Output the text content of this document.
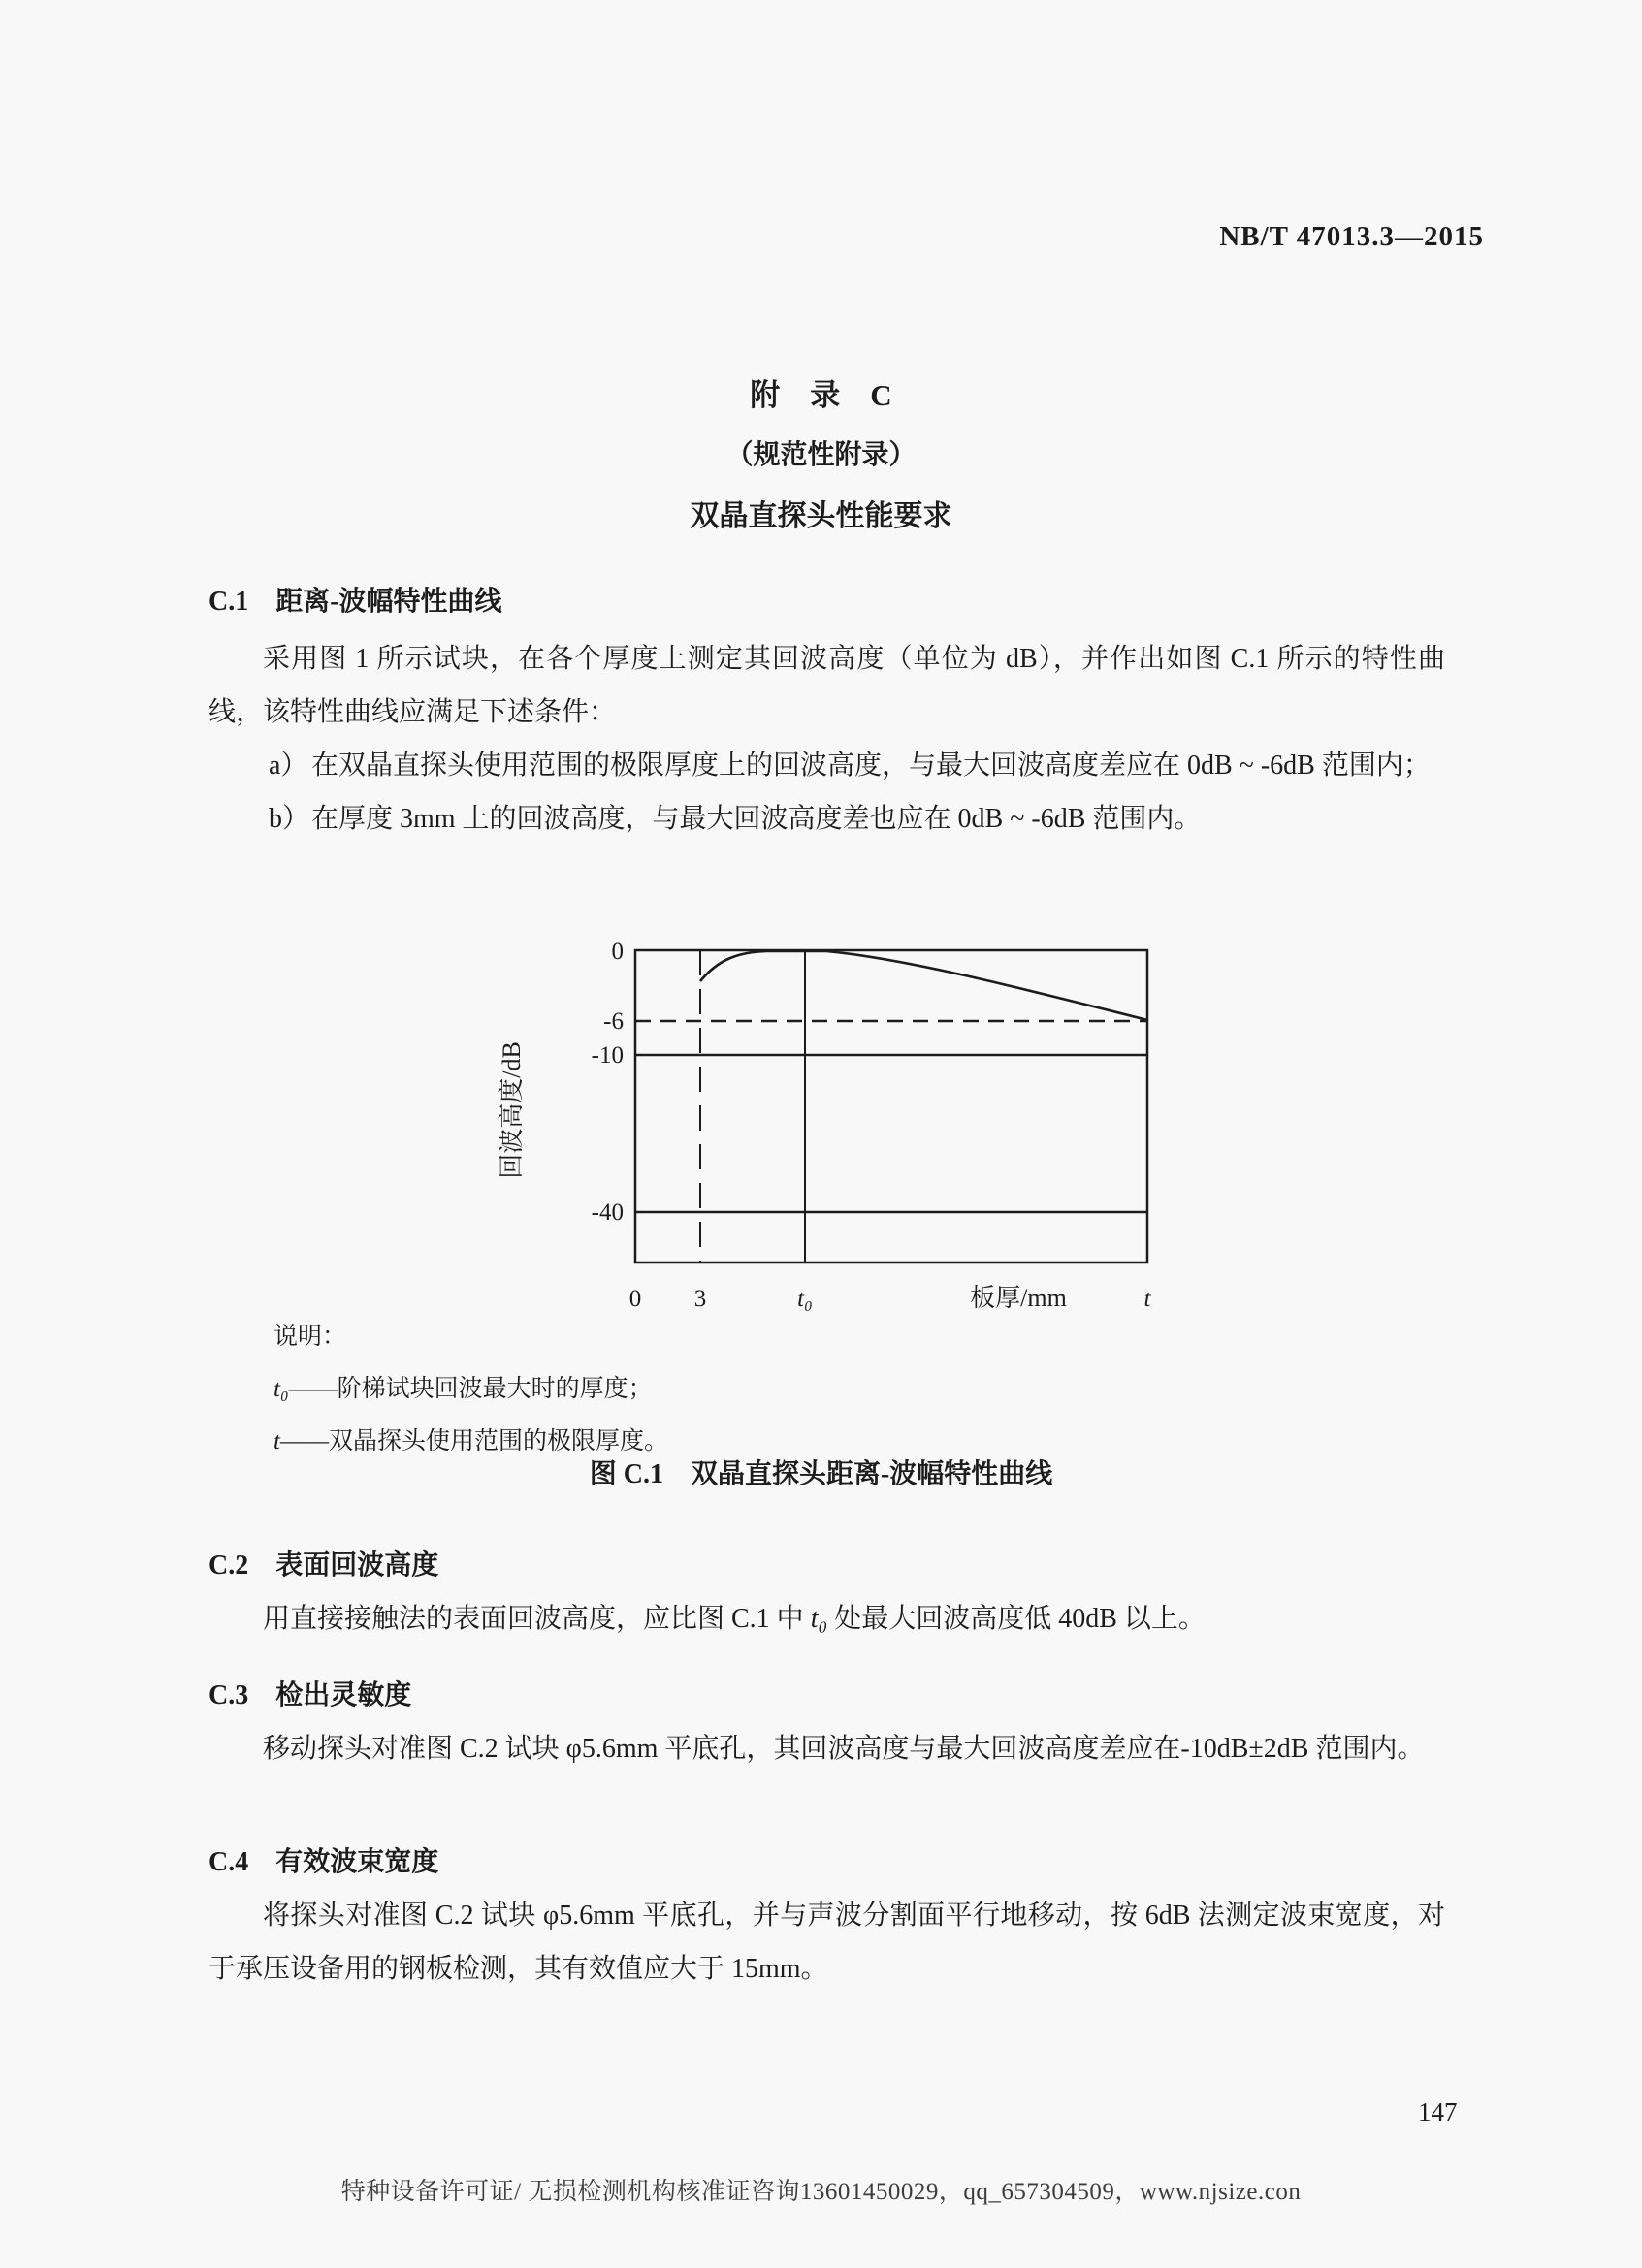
NB/T 47013.3—2015
附　录　C
（规范性附录）
双晶直探头性能要求
C.1 距离-波幅特性曲线

采用图 1 所示试块，在各个厚度上测定其回波高度（单位为 dB），并作出如图 C.1 所示的特性曲线，该特性曲线应满足下述条件：

a） 在双晶直探头使用范围的极限厚度上的回波高度，与最大回波高度差应在 0dB ~ -6dB 范围内；
b） 在厚度 3mm 上的回波高度，与最大回波高度差也应在 0dB ~ -6dB 范围内。
0
-6
-10
-40
回波高度/dB
0 3	t₀	板厚/mm	t
说明：
t₀——阶梯试块回波最大时的厚度；
t——双晶探头使用范围的极限厚度。
图 C.1　双晶直探头距离-波幅特性曲线
C.2 表面回波高度

用直接接触法的表面回波高度，应比图 C.1 中 t₀ 处最大回波高度低 40dB 以上。

C.3 检出灵敏度

移动探头对准图 C.2 试块 φ5.6mm 平底孔，其回波高度与最大回波高度差应在-10dB±2dB 范围内。

C.4 有效波束宽度

将探头对准图 C.2 试块 φ5.6mm 平底孔，并与声波分割面平行地移动，按 6dB 法测定波束宽度，对于承压设备用的钢板检测，其有效值应大于 15mm。

147
特种设备许可证/ 无损检测机构核准证咨询13601450029，qq_657304509，www.njsize.con
